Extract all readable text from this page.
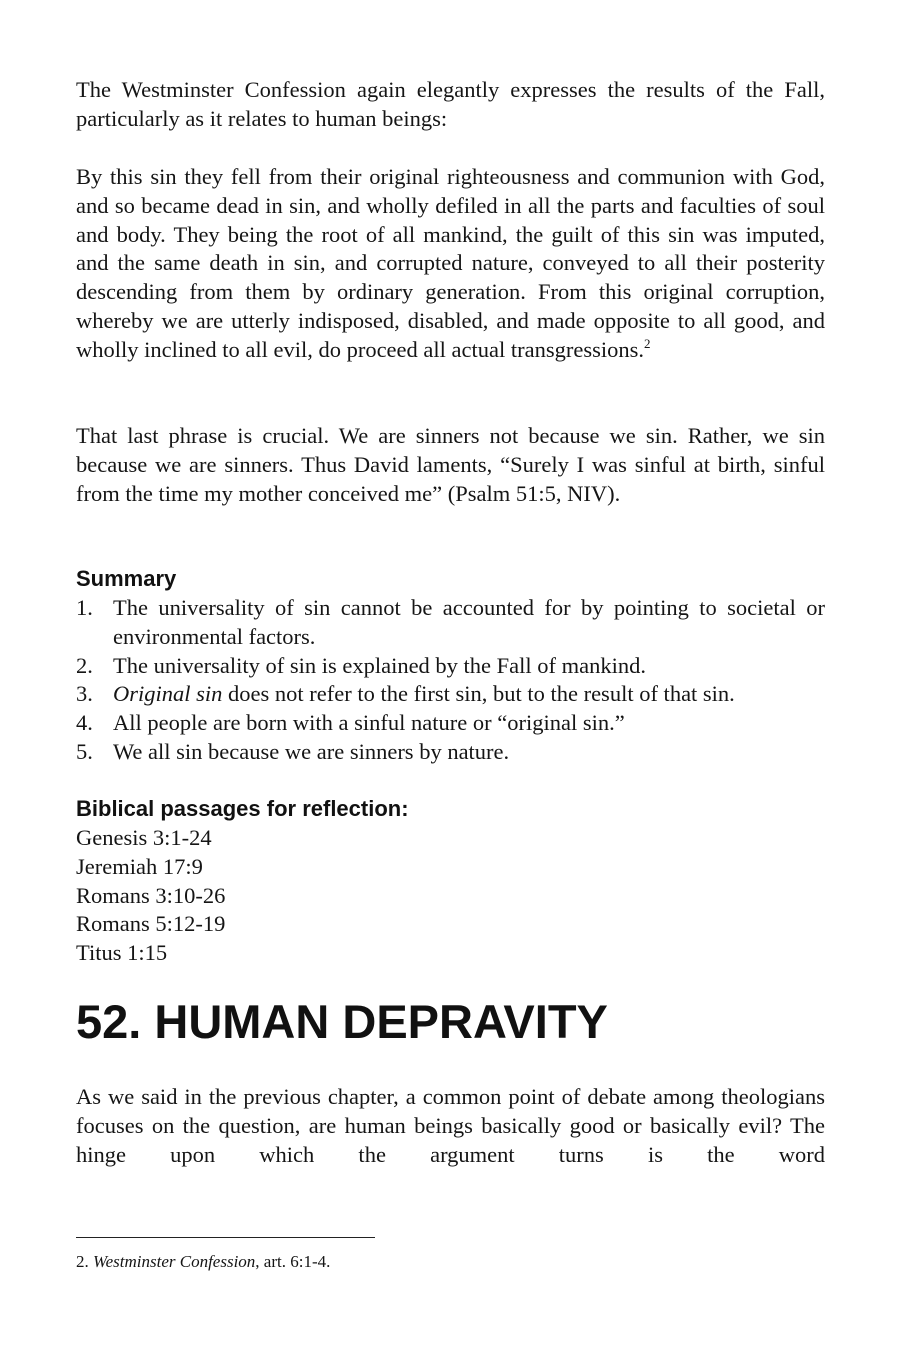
The Westminster Confession again elegantly expresses the results of the Fall, particularly as it relates to human beings:

By this sin they fell from their original righteousness and communion with God, and so became dead in sin, and wholly defiled in all the parts and faculties of soul and body. They being the root of all mankind, the guilt of this sin was imputed, and the same death in sin, and corrupted nature, conveyed to all their posterity descending from them by ordinary generation. From this original corruption, whereby we are utterly indisposed, disabled, and made opposite to all good, and wholly inclined to all evil, do proceed all actual transgressions.$^2$

That last phrase is crucial. We are sinners not because we sin. Rather, we sin because we are sinners. Thus David laments, “Surely I was sinful at birth, sinful from the time my mother conceived me” (Psalm 51:5, NIV).

Summary
1. The universality of sin cannot be accounted for by pointing to societal or environmental factors.
2. The universality of sin is explained by the Fall of mankind.
3. Original sin does not refer to the first sin, but to the result of that sin.
4. All people are born with a sinful nature or “original sin.”
5. We all sin because we are sinners by nature.
Biblical passages for reflection:
Genesis 3:1-24
Jeremiah 17:9
Romans 3:10-26
Romans 5:12-19
Titus 1:15
52. HUMAN DEPRAVITY

As we said in the previous chapter, a common point of debate among theologians focuses on the question, are human beings basically good or basically evil? The hinge upon which the argument turns is the word

2. Westminster Confession, art. 6:1-4.
